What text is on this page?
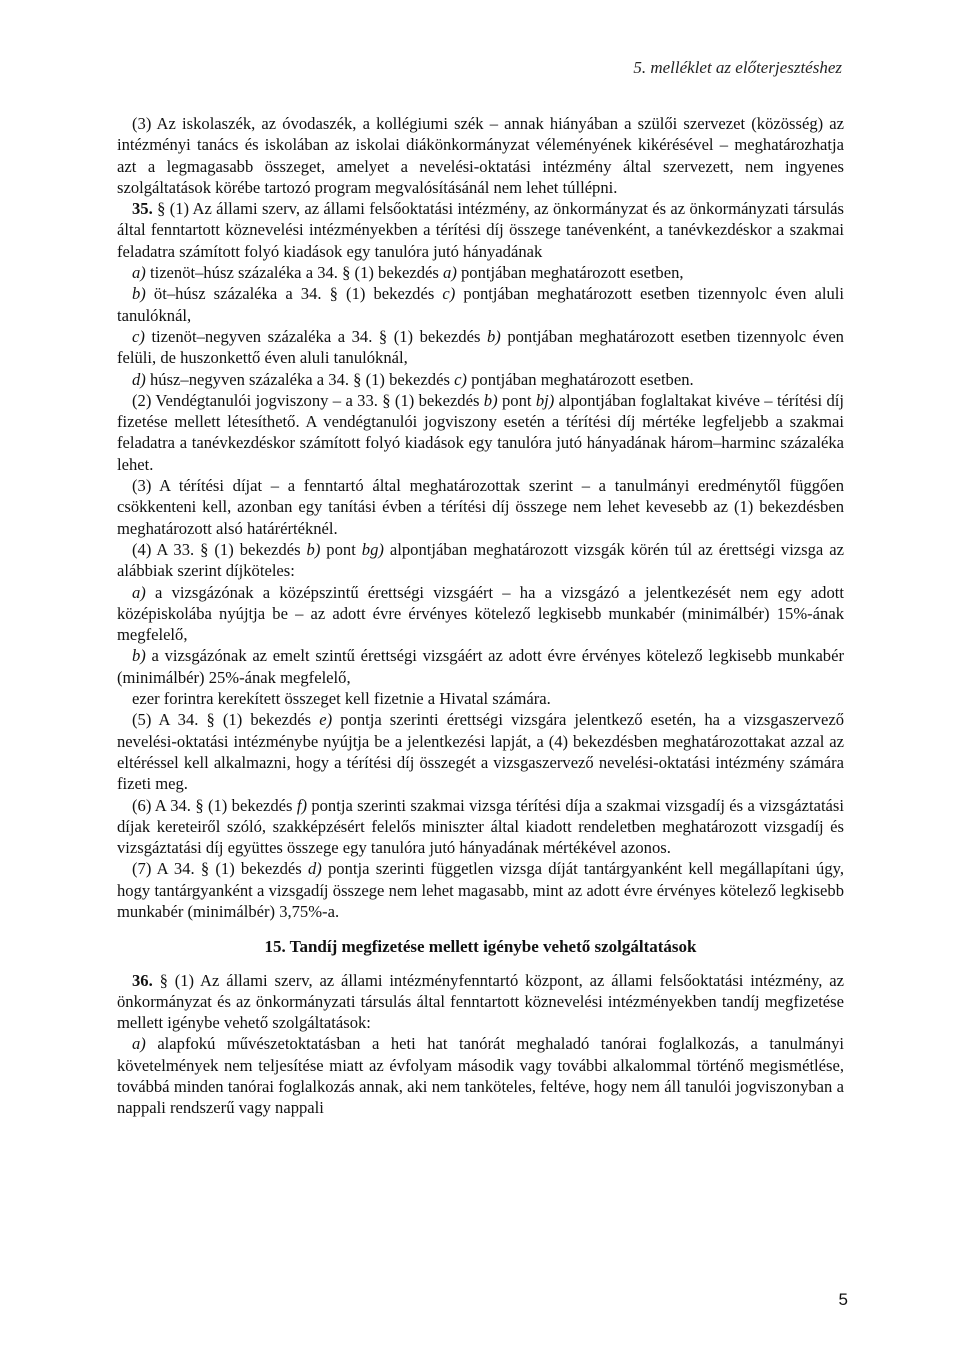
5. melléklet az előterjesztéshez

(3) Az iskolaszék, az óvodaszék, a kollégiumi szék – annak hiányában a szülői szervezet (közösség) az intézményi tanács és iskolában az iskolai diákönkormányzat véleményének kikérésével – meghatározhatja azt a legmagasabb összeget, amelyet a nevelési-oktatási intézmény által szervezett, nem ingyenes szolgáltatások körébe tartozó program megvalósításánál nem lehet túllépni.

35. § (1) Az állami szerv, az állami felsőoktatási intézmény, az önkormányzat és az önkormányzati társulás által fenntartott köznevelési intézményekben a térítési díj összege tanévenként, a tanévkezdéskor a szakmai feladatra számított folyó kiadások egy tanulóra jutó hányadának

a) tizenöt–húsz százaléka a 34. § (1) bekezdés a) pontjában meghatározott esetben,

b) öt–húsz százaléka a 34. § (1) bekezdés c) pontjában meghatározott esetben tizennyolc éven aluli tanulóknál,

c) tizenöt–negyven százaléka a 34. § (1) bekezdés b) pontjában meghatározott esetben tizennyolc éven felüli, de huszonkettő éven aluli tanulóknál,

d) húsz–negyven százaléka a 34. § (1) bekezdés c) pontjában meghatározott esetben.

(2) Vendégtanulói jogviszony – a 33. § (1) bekezdés b) pont bj) alpontjában foglaltakat kivéve – térítési díj fizetése mellett létesíthető. A vendégtanulói jogviszony esetén a térítési díj mértéke legfeljebb a szakmai feladatra a tanévkezdéskor számított folyó kiadások egy tanulóra jutó hányadának három–harminc százaléka lehet.

(3) A térítési díjat – a fenntartó által meghatározottak szerint – a tanulmányi eredménytől függően csökkenteni kell, azonban egy tanítási évben a térítési díj összege nem lehet kevesebb az (1) bekezdésben meghatározott alsó határértéknél.

(4) A 33. § (1) bekezdés b) pont bg) alpontjában meghatározott vizsgák körén túl az érettségi vizsga az alábbiak szerint díjköteles:

a) a vizsgázónak a középszintű érettségi vizsgáért – ha a vizsgázó a jelentkezését nem egy adott középiskolába nyújtja be – az adott évre érvényes kötelező legkisebb munkabér (minimálbér) 15%-ának megfelelő,

b) a vizsgázónak az emelt szintű érettségi vizsgáért az adott évre érvényes kötelező legkisebb munkabér (minimálbér) 25%-ának megfelelő,

ezer forintra kerekített összeget kell fizetnie a Hivatal számára.

(5) A 34. § (1) bekezdés e) pontja szerinti érettségi vizsgára jelentkező esetén, ha a vizsgaszervező nevelési-oktatási intézménybe nyújtja be a jelentkezési lapját, a (4) bekezdésben meghatározottakat azzal az eltéréssel kell alkalmazni, hogy a térítési díj összegét a vizsgaszervező nevelési-oktatási intézmény számára fizeti meg.

(6) A 34. § (1) bekezdés f) pontja szerinti szakmai vizsga térítési díja a szakmai vizsgadíj és a vizsgáztatási díjak kereteiről szóló, szakképzésért felelős miniszter által kiadott rendeletben meghatározott vizsgadíj és vizsgáztatási díj együttes összege egy tanulóra jutó hányadának mértékével azonos.

(7) A 34. § (1) bekezdés d) pontja szerinti független vizsga díját tantárgyanként kell megállapítani úgy, hogy tantárgyanként a vizsgadíj összege nem lehet magasabb, mint az adott évre érvényes kötelező legkisebb munkabér (minimálbér) 3,75%-a.

15. Tandíj megfizetése mellett igénybe vehető szolgáltatások

36. § (1) Az állami szerv, az állami intézményfenntartó központ, az állami felsőoktatási intézmény, az önkormányzat és az önkormányzati társulás által fenntartott köznevelési intézményekben tandíj megfizetése mellett igénybe vehető szolgáltatások:

a) alapfokú művészetoktatásban a heti hat tanórát meghaladó tanórai foglalkozás, a tanulmányi követelmények nem teljesítése miatt az évfolyam második vagy további alkalommal történő megismétlése, továbbá minden tanórai foglalkozás annak, aki nem tanköteles, feltéve, hogy nem áll tanulói jogviszonyban a nappali rendszerű vagy nappali

5
